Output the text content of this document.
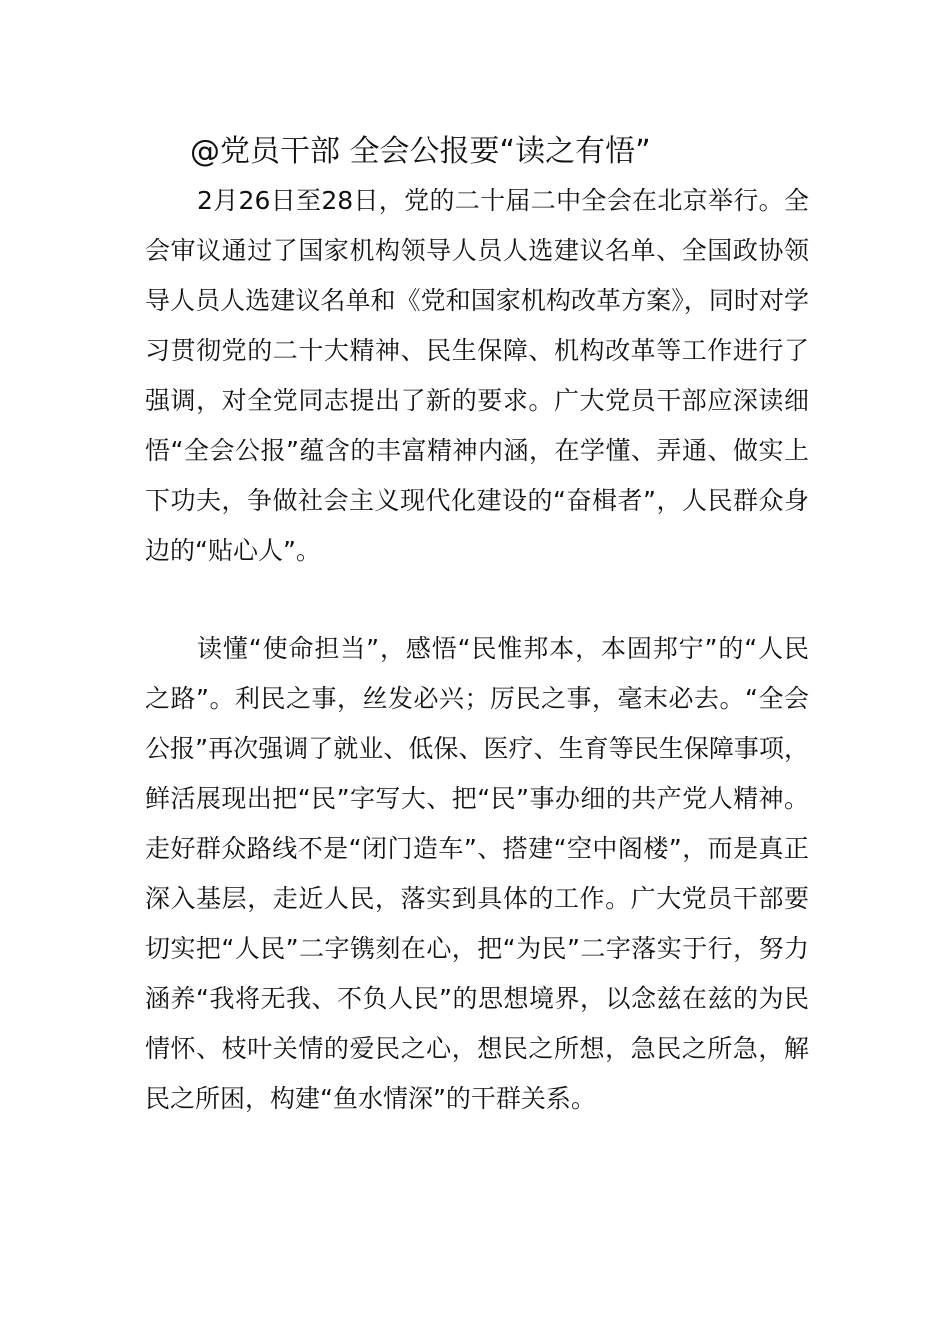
@党员干部 全会公报要“读之有悟”

2月26日至28日，党的二十届二中全会在北京举行。全会审议通过了国家机构领导人员人选建议名单、全国政协领导人员人选建议名单和《党和国家机构改革方案》，同时对学习贯彻党的二十大精神、民生保障、机构改革等工作进行了强调，对全党同志提出了新的要求。广大党员干部应深读细悟“全会公报”蕴含的丰富精神内涵，在学懂、弄通、做实上下功夫，争做社会主义现代化建设的“奋楫者”，人民群众身边的“贴心人”。

读懂“使命担当”，感悟“民惟邦本，本固邦宁”的“人民之路”。利民之事，丝发必兴；厉民之事，毫末必去。“全会公报”再次强调了就业、低保、医疗、生育等民生保障事项，鲜活展现出把“民”字写大、把“民”事办细的共产党人精神。走好群众路线不是“闭门造车”、搭建“空中阁楼”，而是真正深入基层，走近人民，落实到具体的工作。广大党员干部要切实把“人民”二字镌刻在心，把“为民”二字落实于行，努力涵养“我将无我、不负人民”的思想境界，以念兹在兹的为民情怀、枝叶关情的爱民之心，想民之所想，急民之所急，解民之所困，构建“鱼水情深”的干群关系。
